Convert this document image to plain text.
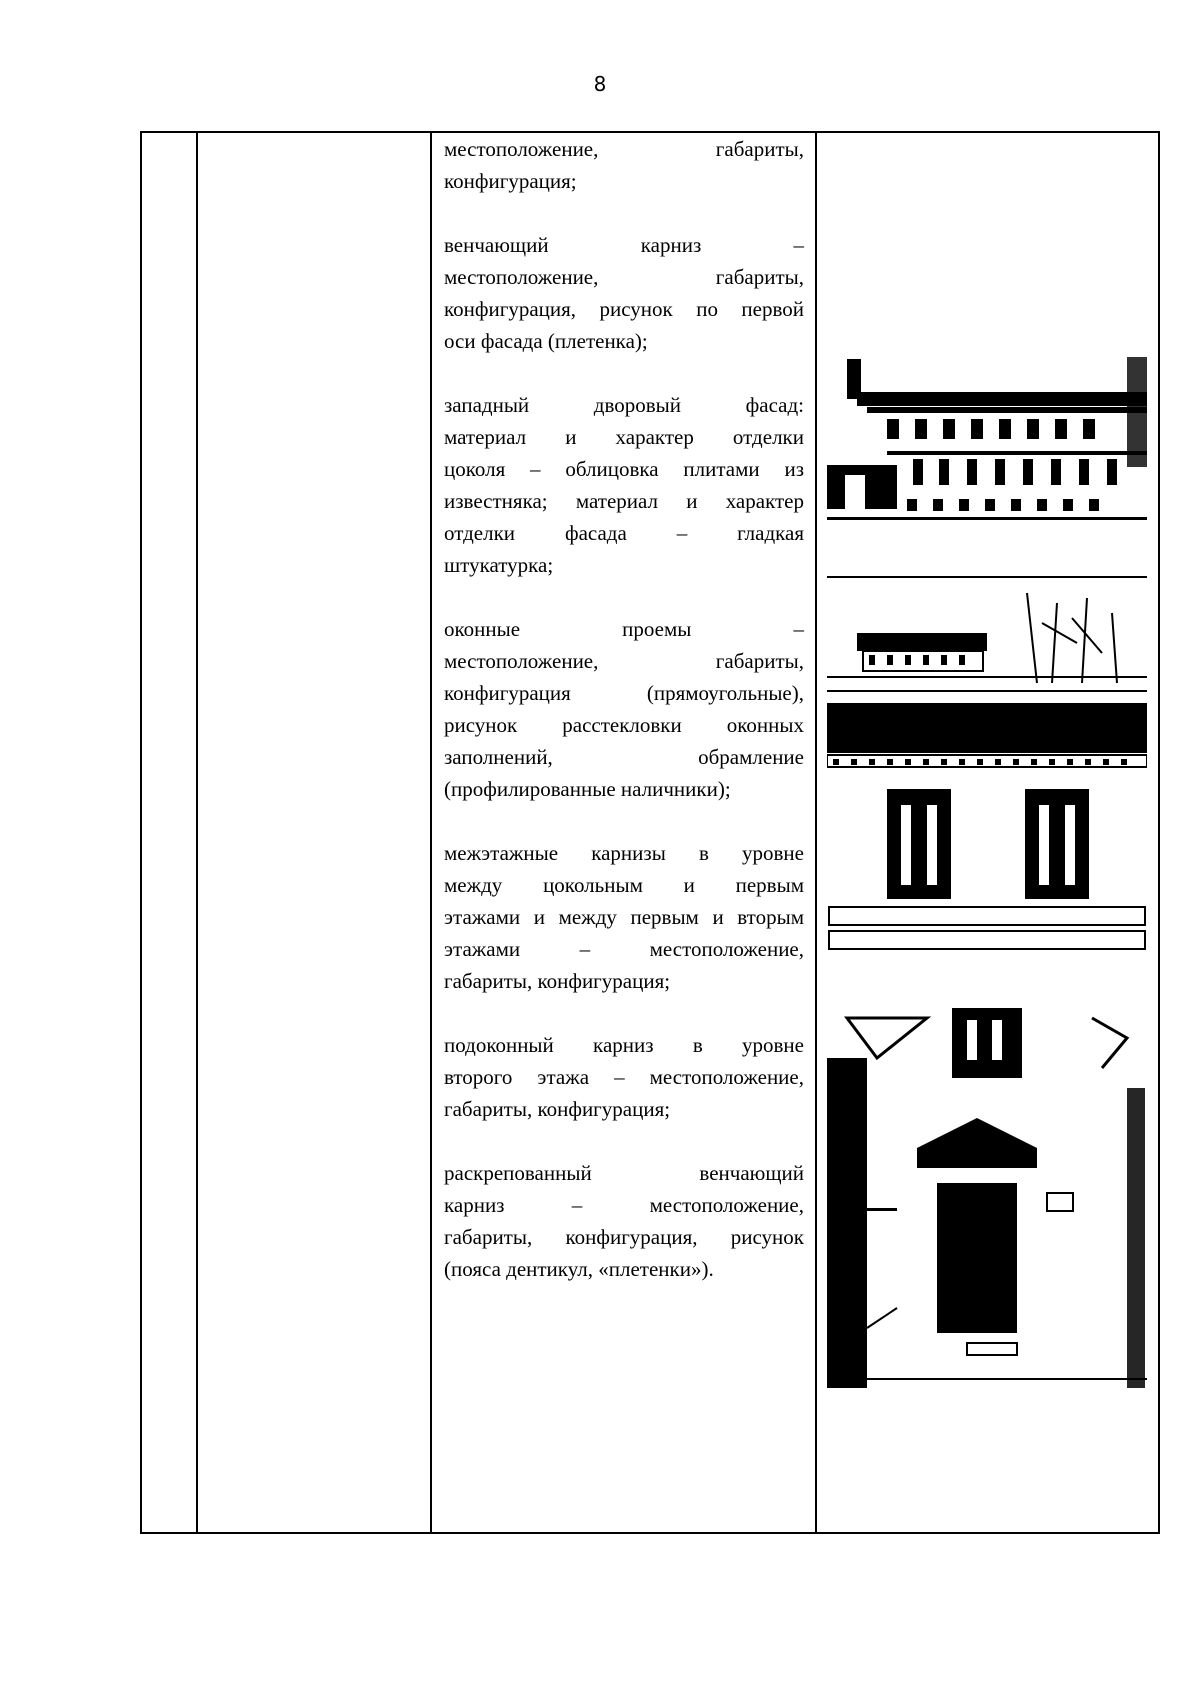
8
местоположение, габариты,
конфигурация;
венчающий карниз –
местоположение, габариты,
конфигурация, рисунок по первой
оси фасада (плетенка);
западный дворовый фасад:
материал и характер отделки
цоколя – облицовка плитами из
известняка; материал и характер
отделки фасада – гладкая
штукатурка;
оконные проемы –
местоположение, габариты,
конфигурация (прямоугольные),
рисунок расстекловки оконных
заполнений, обрамление
(профилированные наличники);
межэтажные карнизы в уровне
между цокольным и первым
этажами и между первым и вторым
этажами – местоположение,
габариты, конфигурация;
подоконный карниз в уровне
второго этажа – местоположение,
габариты, конфигурация;
раскрепованный венчающий
карниз – местоположение,
габариты, конфигурация, рисунок
(пояса дентикул, «плетенки»).
